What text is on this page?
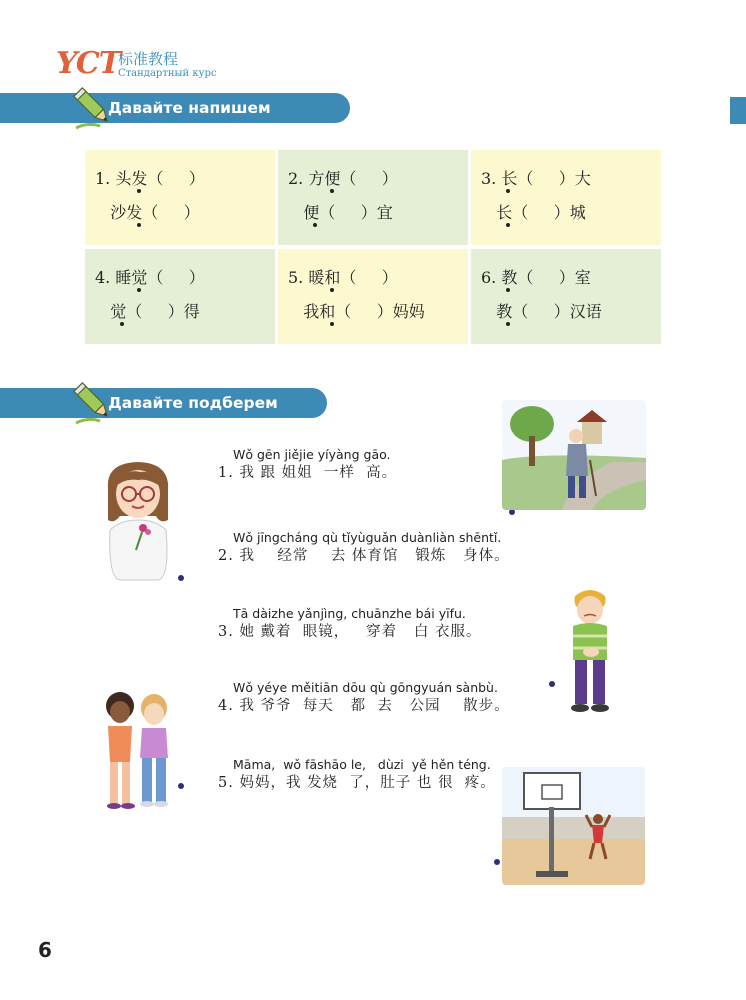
YCT
标准教程
Стандартный курс
Давайте напишем пиньинь!
1. 头发（     ）
沙发（     ）
2. 方便（     ）
便（     ）宜
3. 长（     ）大
长（     ）城
4. 睡觉（     ）
觉（     ）得
5. 暖和（     ）
我和（     ）妈妈
6. 教（     ）室
教（     ）汉语
Давайте подберем пару!
Wǒ gēn jiějie yíyàng gāo.
1. 我 跟 姐姐  一样  高。
Wǒ jīngcháng qù tǐyùguǎn duànliàn shēntǐ.
2. 我    经常    去 体育馆   锻炼   身体。
Tā dàizhe yǎnjìng, chuānzhe bái yīfu.
3. 她 戴着  眼镜，   穿着   白 衣服。
Wǒ yéye měitiān dōu qù gōngyuán sànbù.
4. 我 爷爷  每天   都  去   公园    散步。
Māma,  wǒ fāshāo le,   dùzi  yě hěn téng.
5. 妈妈，我 发烧  了，肚子 也 很  疼。
6
